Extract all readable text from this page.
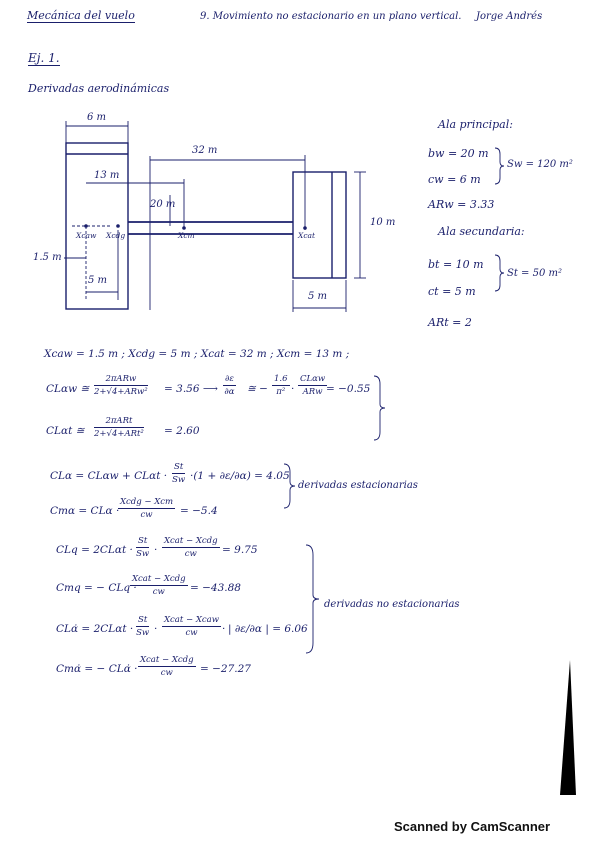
Mecánica del vuelo	9. Movimiento no estacionario en un plano vertical. Jorge Andrés
Ej. 1.
Derivadas aerodinámicas
6 m
32 m
13 m
20 m
10 m
1.5 m
5 m
5 m
Xcaw Xcdg	Xcm	Xcat
Ala principal:
bw = 20 m
cw = 6 m
Sw = 120 m²
ARw = 3.33
Ala secundaria:
bt = 10 m
ct = 5 m
St = 50 m²
ARt = 2
Xcaw = 1.5 m ; Xcdg = 5 m ; Xcat = 32 m ; Xcm = 13 m ;
CLαw ≅
2πARw
2+√4+ARw² = 3.56 ⟶ $\frac{\partial\varepsilon}{\partial\alpha}$ ≅ − $\frac{1.6}{\text{π²}}$ ·
CLαw
ARw = −0.55
CLαt ≅
2πARt
2+√4+ARt² = 2.60
$CL\alpha = CL\alpha w + CL\alpha t \cdot \frac{St}{Sw} \cdot(1 + \partial\varepsilon/\partial\alpha) = 4.05$
Cmα = CLα ·
Xcdg − Xcm
cw	= −5.4
derivadas estacionarias
CLq = $2CL\alpha t \cdot \frac{St}{Sw}$ ·
Xcat − Xcdg
cw	= 9.75
Cmq = − CLq ·
Xcat − Xcdg
cw	= −43.88
CLα̇ = $2CL\alpha t \cdot \frac{St}{Sw}$ ·
Xcat − Xcaw
cw	· | ∂ε/∂α | = 6.06
Cmα̇ = − CLα̇ ·
Xcat − Xcdg
cw	= −27.27
derivadas no estacionarias
Scanned by CamScanner
